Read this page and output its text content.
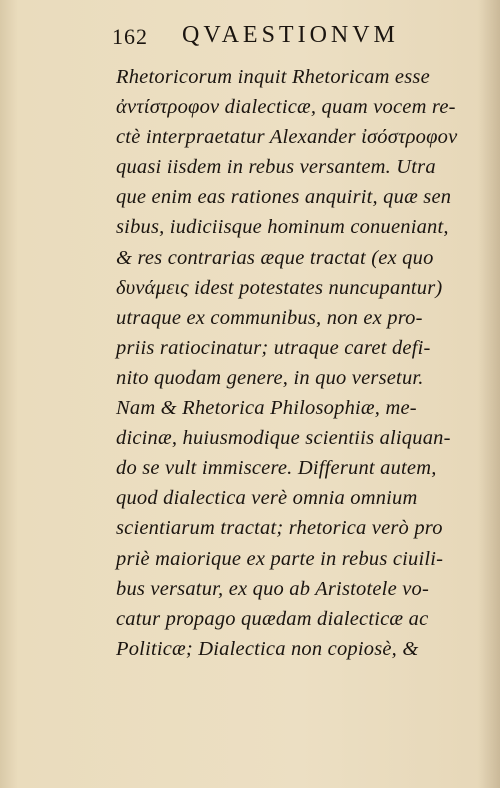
162 QVAESTIONVM
Rhetoricorum inquit Rhetoricam esse
ἀντίστροφον dialecticæ, quam vocem re-
ctè interpraetatur Alexander ἰσόστροφον
quasi iisdem in rebus versantem. Utra
que enim eas rationes anquirit, quæ sen
sibus, iudiciisque hominum conueniant,
& res contrarias æque tractat (ex quo
δυνάμεις idest potestates nuncupantur)
utraque ex communibus, non ex pro-
priis ratiocinatur; utraque caret defi-
nito quodam genere, in quo versetur.
Nam & Rhetorica Philosophiæ, me-
dicinæ, huiusmodique scientiis aliquan-
do se vult immiscere. Differunt autem,
quod dialectica verè omnia omnium
scientiarum tractat; rhetorica verò pro
priè maiorique ex parte in rebus ciuili-
bus versatur, ex quo ab Aristotele vo-
catur propago quædam dialecticæ ac
Politicæ; Dialectica non copiosè, &
